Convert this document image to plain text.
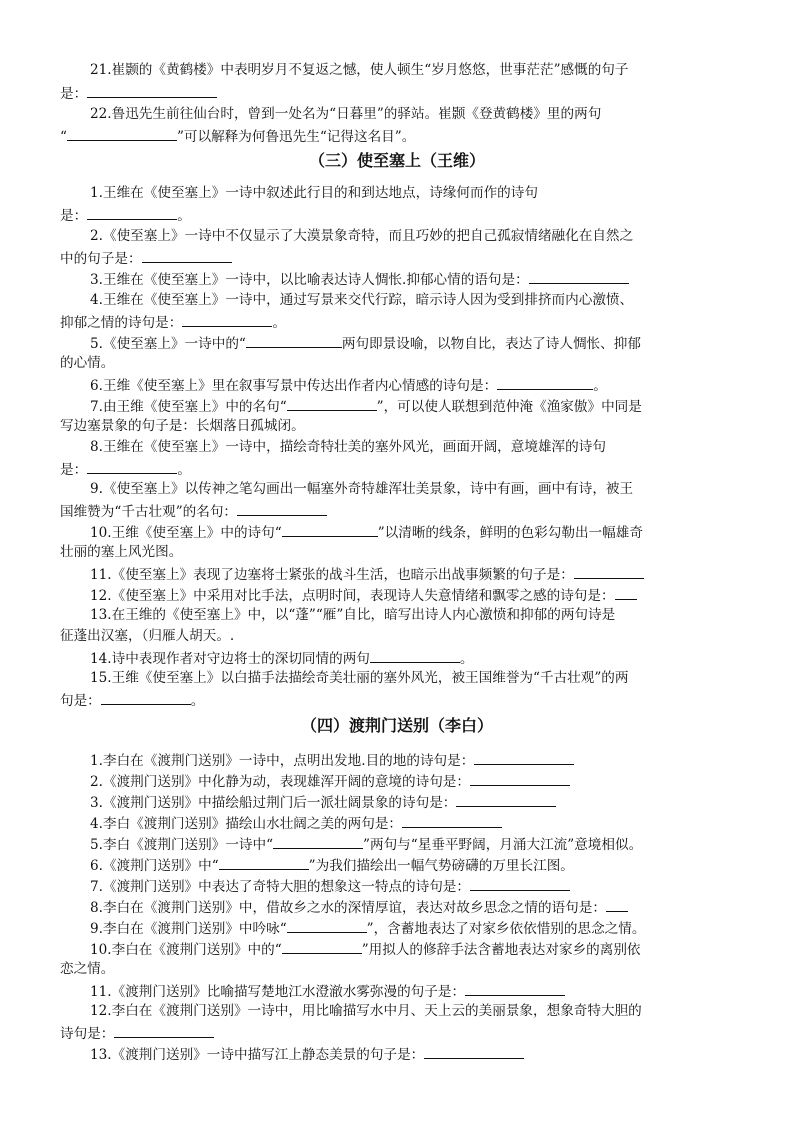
21.崔颢的《黄鹤楼》中表明岁月不复返之憾，使人顿生“岁月悠悠，世事茫茫”感慨的句子
是：
22.鲁迅先生前往仙台时，曾到一处名为“日暮里”的驿站。崔颢《登黄鹤楼》里的两句
“	”可以解释为何鲁迅先生“记得这名目”。
（三）使至塞上（王维）
1.王维在《使至塞上》一诗中叙述此行目的和到达地点，诗缘何而作的诗句
是：	。
2.《使至塞上》一诗中不仅显示了大漠景象奇特，而且巧妙的把自己孤寂情绪融化在自然之
中的句子是：
3.王维在《使至塞上》一诗中，以比喻表达诗人惆怅.抑郁心情的语句是：
4.王维在《使至塞上》一诗中，通过写景来交代行踪，暗示诗人因为受到排挤而内心激愤、
抑郁之情的诗句是：	。
5.《使至塞上》一诗中的“	两句即景设喻，以物自比，表达了诗人惆怅、抑郁
的心情。
6.王维《使至塞上》里在叙事写景中传达出作者内心情感的诗句是：	。
7.由王维《使至塞上》中的名句“	”，可以使人联想到范仲淹《渔家傲》中同是
写边塞景象的句子是：长烟落日孤城闭。
8.王维在《使至塞上》一诗中，描绘奇特壮美的塞外风光，画面开阔，意境雄浑的诗句
是：	。
9.《使至塞上》以传神之笔勾画出一幅塞外奇特雄浑壮美景象，诗中有画，画中有诗，被王
国维赞为“千古壮观”的名句：
10.王维《使至塞上》中的诗句“	”以清晰的线条，鲜明的色彩勾勒出一幅雄奇
壮丽的塞上风光图。
11.《使至塞上》表现了边塞将士紧张的战斗生活，也暗示出战事频繁的句子是：
12.《使至塞上》中采用对比手法，点明时间，表现诗人失意情绪和飘零之感的诗句是：
13.在王维的《使至塞上》中，以“蓬”“雁”自比，暗写出诗人内心激愤和抑郁的两句诗是
征蓬出汉塞，（归雁人胡天。.
14.诗中表现作者对守边将士的深切同情的两句	。
15.王维《使至塞上》以白描手法描绘奇美壮丽的塞外风光，被王国维誉为“千古壮观”的两
句是：	。
（四）渡荆门送别（李白）
1.李白在《渡荆门送别》一诗中，点明出发地.目的地的诗句是：
2.《渡荆门送别》中化静为动，表现雄浑开阔的意境的诗句是：
3.《渡荆门送别》中描绘船过荆门后一派壮阔景象的诗句是：
4.李白《渡荆门送别》描绘山水壮阔之美的两句是：
5.李白《渡荆门送别》一诗中“	”两句与“星垂平野阔，月涌大江流”意境相似。
6.《渡荆门送别》中“	”为我们描绘出一幅气势磅礴的万里长江图。
7.《渡荆门送别》中表达了奇特大胆的想象这一特点的诗句是：
8.李白在《渡荆门送别》中，借故乡之水的深情厚谊，表达对故乡思念之情的语句是：
9.李白在《渡荆门送别》中吟咏“	”，含蓄地表达了对家乡依依惜别的思念之情。
10.李白在《渡荆门送别》中的“	”用拟人的修辞手法含蓄地表达对家乡的离别依
恋之情。
11.《渡荆门送别》比喻描写楚地江水澄澈水雾弥漫的句子是：
12.李白在《渡荆门送别》一诗中，用比喻描写水中月、天上云的美丽景象，想象奇特大胆的
诗句是：
13.《渡荆门送别》一诗中描写江上静态美景的句子是：
